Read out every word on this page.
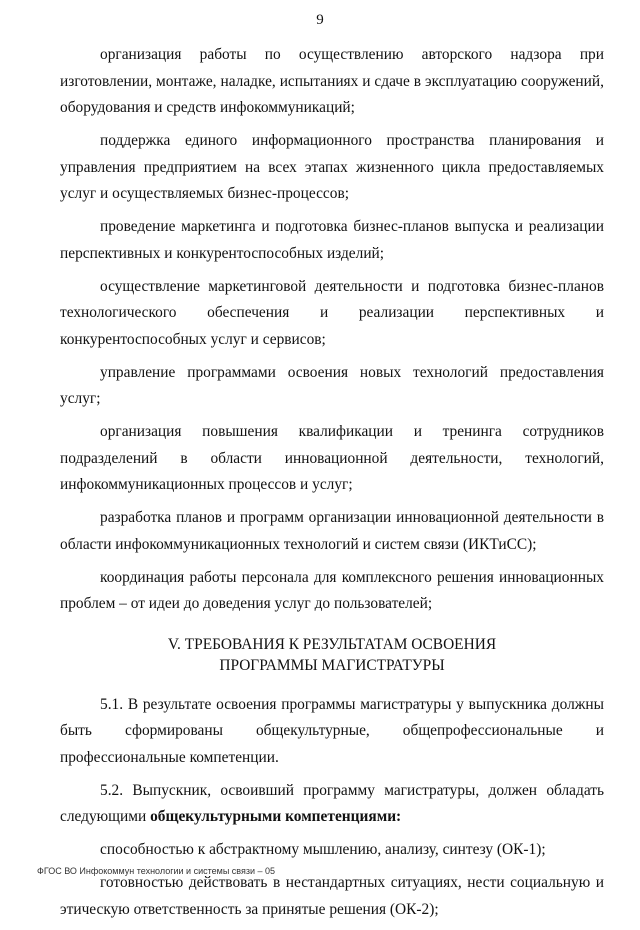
9

организация работы по осуществлению авторского надзора при изготовлении, монтаже, наладке, испытаниях и сдаче в эксплуатацию сооружений, оборудования и средств инфокоммуникаций;

поддержка единого информационного пространства планирования и управления предприятием на всех этапах жизненного цикла предоставляемых услуг и осуществляемых бизнес-процессов;

проведение маркетинга и подготовка бизнес-планов выпуска и реализации перспективных и конкурентоспособных изделий;

осуществление маркетинговой деятельности и подготовка бизнес-планов технологического обеспечения и реализации перспективных и конкурентоспособных услуг и сервисов;

управление программами освоения новых технологий предоставления услуг;

организация повышения квалификации и тренинга сотрудников подразделений в области инновационной деятельности, технологий, инфокоммуникационных процессов и услуг;

разработка планов и программ организации инновационной деятельности в области инфокоммуникационных технологий и систем связи (ИКТиСС);

координация работы персонала для комплексного решения инновационных проблем – от идеи до доведения услуг до пользователей;

V. ТРЕБОВАНИЯ К РЕЗУЛЬТАТАМ ОСВОЕНИЯ
ПРОГРАММЫ МАГИСТРАТУРЫ

5.1. В результате освоения программы магистратуры у выпускника должны быть сформированы общекультурные, общепрофессиональные и профессиональные компетенции.

5.2. Выпускник, освоивший программу магистратуры, должен обладать следующими общекультурными компетенциями:

способностью к абстрактному мышлению, анализу, синтезу (ОК-1);

готовностью действовать в нестандартных ситуациях, нести социальную и этическую ответственность за принятые решения (ОК-2);

ФГОС ВО Инфокоммун технологии и системы связи – 05
